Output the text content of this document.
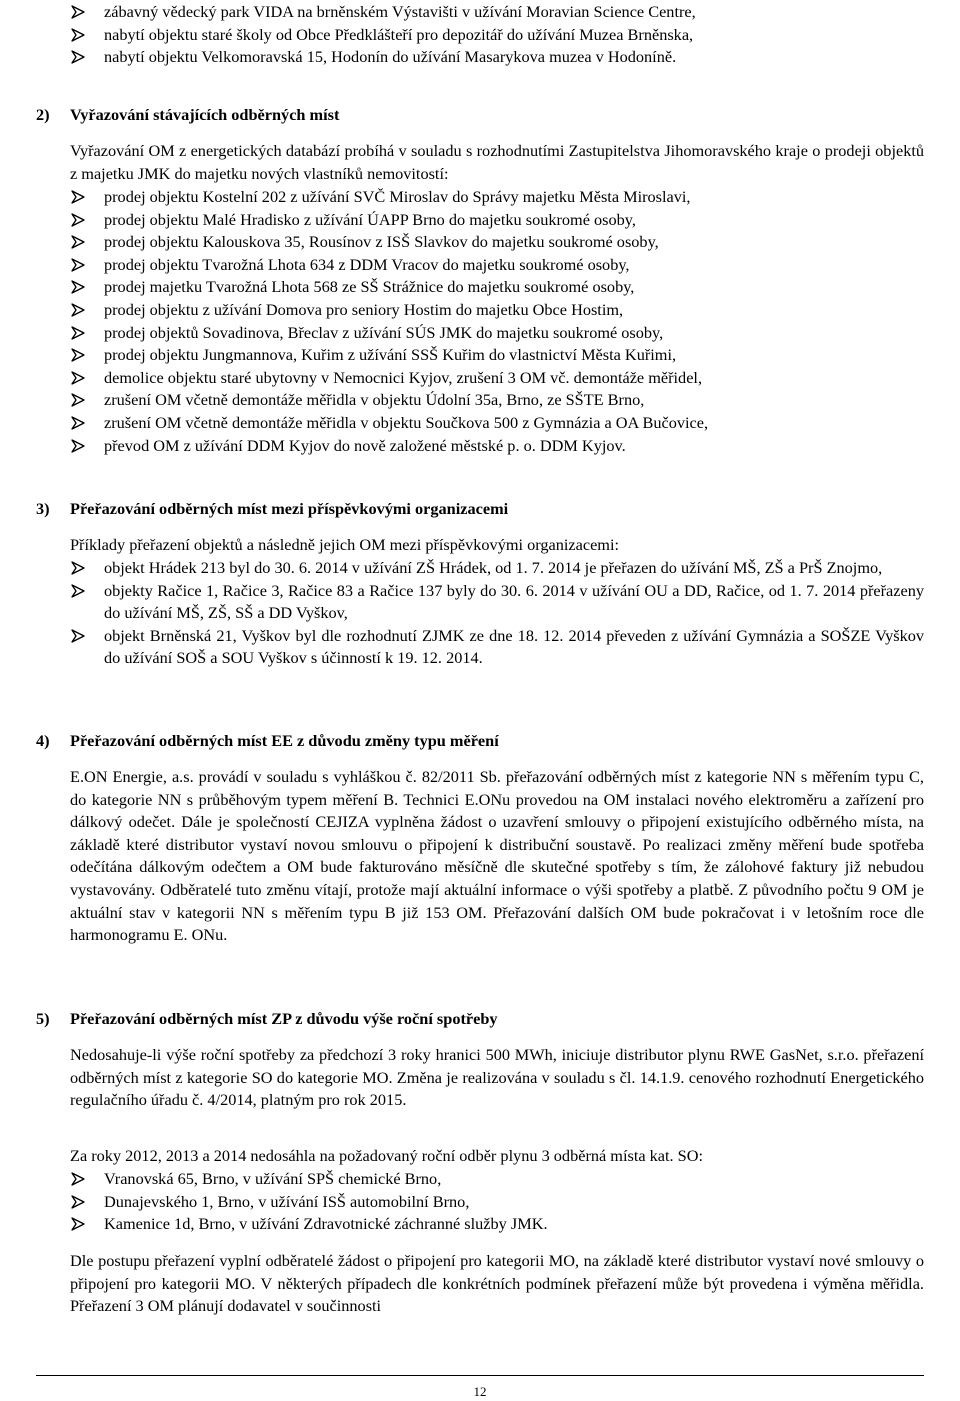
zábavný vědecký park VIDA na brněnském Výstavišti v užívání Moravian Science Centre,
nabytí objektu staré školy od Obce Předklášteří pro depozitář do užívání Muzea Brněnska,
nabytí objektu Velkomoravská 15, Hodonín do užívání Masarykova muzea v Hodoníně.
2) Vyřazování stávajících odběrných míst
Vyřazování OM z energetických databází probíhá v souladu s rozhodnutími Zastupitelstva Jihomoravského kraje o prodeji objektů z majetku JMK do majetku nových vlastníků nemovitostí:
prodej objektu Kostelní 202 z užívání SVČ Miroslav do Správy majetku Města Miroslavi,
prodej objektu Malé Hradisko z užívání ÚAPP Brno do majetku soukromé osoby,
prodej objektu Kalouskova 35, Rousínov z ISŠ Slavkov do majetku soukromé osoby,
prodej objektu Tvarožná Lhota 634 z DDM Vracov do majetku soukromé osoby,
prodej majetku Tvarožná Lhota 568 ze SŠ Strážnice do majetku soukromé osoby,
prodej objektu z užívání Domova pro seniory Hostim do majetku Obce Hostim,
prodej objektů Sovadinova, Břeclav z užívání SÚS JMK do majetku soukromé osoby,
prodej objektu Jungmannova, Kuřim z užívání SSŠ Kuřim do vlastnictví Města Kuřimi,
demolice objektu staré ubytovny v Nemocnici Kyjov, zrušení 3 OM vč. demontáže měřidel,
zrušení OM včetně demontáže měřidla v objektu Údolní 35a, Brno, ze SŠTE Brno,
zrušení OM včetně demontáže měřidla v objektu Součkova 500 z Gymnázia a OA Bučovice,
převod OM z užívání DDM Kyjov do nově založené městské p. o. DDM Kyjov.
3) Přeřazování odběrných míst mezi příspěvkovými organizacemi
Příklady přeřazení objektů a následně jejich OM mezi příspěvkovými organizacemi:
objekt Hrádek 213 byl do 30. 6. 2014 v užívání ZŠ Hrádek, od 1. 7. 2014 je přeřazen do užívání MŠ, ZŠ a PrŠ Znojmo,
objekty Račice 1, Račice 3, Račice 83 a Račice 137 byly do 30. 6. 2014 v užívání OU a DD, Račice, od 1. 7. 2014 přeřazeny do užívání MŠ, ZŠ, SŠ a DD Vyškov,
objekt Brněnská 21, Vyškov byl dle rozhodnutí ZJMK ze dne 18. 12. 2014 převeden z užívání Gymnázia a SOŠZE Vyškov do užívání SOŠ a SOU Vyškov s účinností k 19. 12. 2014.
4) Přeřazování odběrných míst EE z důvodu změny typu měření
E.ON Energie, a.s. provádí v souladu s vyhláškou č. 82/2011 Sb. přeřazování odběrných míst z kategorie NN s měřením typu C, do kategorie NN s průběhovým typem měření B. Technici E.ONu provedou na OM instalaci nového elektroměru a zařízení pro dálkový odečet. Dále je společností CEJIZA vyplněna žádost o uzavření smlouvy o připojení existujícího odběrného místa, na základě které distributor vystaví novou smlouvu o připojení k distribuční soustavě. Po realizaci změny měření bude spotřeba odečítána dálkovým odečtem a OM bude fakturováno měsíčně dle skutečné spotřeby s tím, že zálohové faktury již nebudou vystavovány. Odběratelé tuto změnu vítají, protože mají aktuální informace o výši spotřeby a platbě. Z původního počtu 9 OM je aktuální stav v kategorii NN s měřením typu B již 153 OM. Přeřazování dalších OM bude pokračovat i v letošním roce dle harmonogramu E. ONu.
5) Přeřazování odběrných míst ZP z důvodu výše roční spotřeby
Nedosahuje-li výše roční spotřeby za předchozí 3 roky hranici 500 MWh, iniciuje distributor plynu RWE GasNet, s.r.o. přeřazení odběrných míst z kategorie SO do kategorie MO. Změna je realizována v souladu s čl. 14.1.9. cenového rozhodnutí Energetického regulačního úřadu č. 4/2014, platným pro rok 2015.
Za roky 2012, 2013 a 2014 nedosáhla na požadovaný roční odběr plynu 3 odběrná místa kat. SO:
Vranovská 65, Brno, v užívání SPŠ chemické Brno,
Dunajevského 1, Brno, v užívání ISŠ automobilní Brno,
Kamenice 1d, Brno, v užívání Zdravotnické záchranné služby JMK.
Dle postupu přeřazení vyplní odběratelé žádost o připojení pro kategorii MO, na základě které distributor vystaví nové smlouvy o připojení pro kategorii MO. V některých případech dle konkrétních podmínek přeřazení může být provedena i výměna měřidla. Přeřazení 3 OM plánují dodavatel v součinnosti
12
